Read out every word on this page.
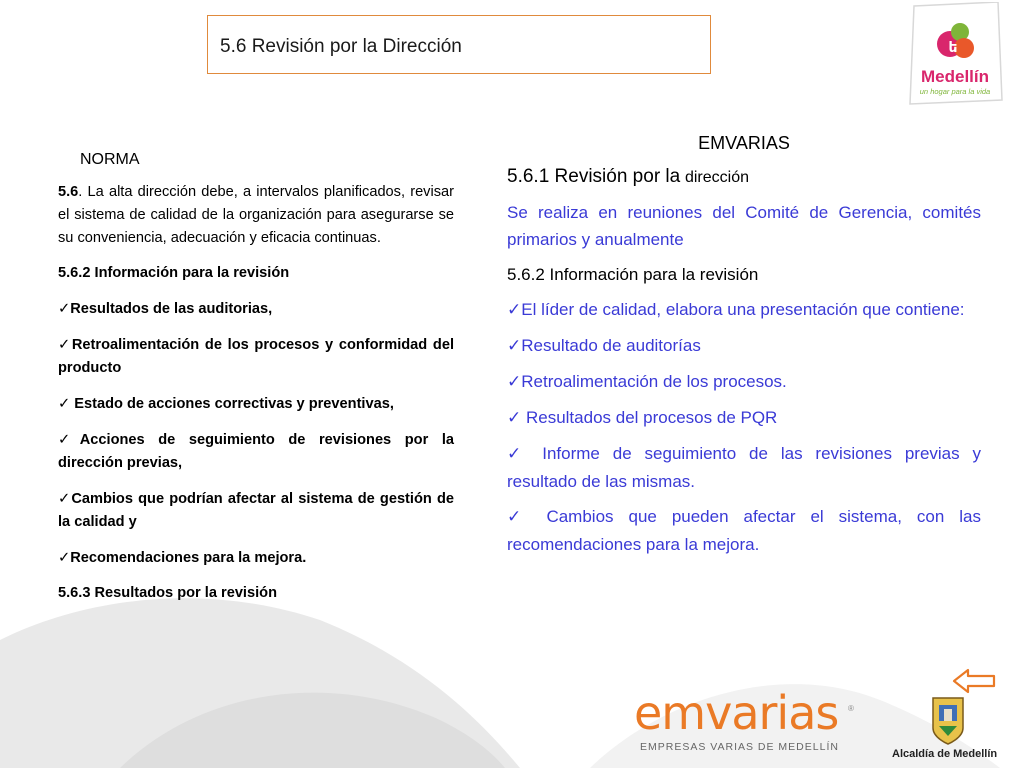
5.6 Revisión por la Dirección	ե
Medellín
un hogar para la vida
NORMA

5.6. La alta dirección debe, a intervalos planificados, revisar el sistema de calidad de la organización para asegurarse se su conveniencia, adecuación y eficacia continuas.

5.6.2 Información para la revisión

✓Resultados de las auditorias,

✓Retroalimentación de los procesos y conformidad del producto

✓ Estado de acciones correctivas y preventivas,

✓Acciones de seguimiento de revisiones por la dirección previas,

✓Cambios que podrían afectar al sistema de gestión de la calidad y

✓Recomendaciones para la mejora.

5.6.3 Resultados por la revisión

EMVARIAS

5.6.1 Revisión por la dirección

Se realiza en reuniones del Comité de Gerencia, comités primarios y anualmente

5.6.2 Información para la revisión

✓El líder de calidad, elabora una presentación que contiene:

✓Resultado de auditorías

✓Retroalimentación de los procesos.

✓ Resultados del procesos de PQR

✓ Informe de seguimiento de las revisiones previas y resultado de las mismas.

✓ Cambios que pueden afectar el sistema, con las recomendaciones para la mejora.

emvarias ®
EMPRESAS VARIAS DE MEDELLÍN
Alcaldía de Medellín
